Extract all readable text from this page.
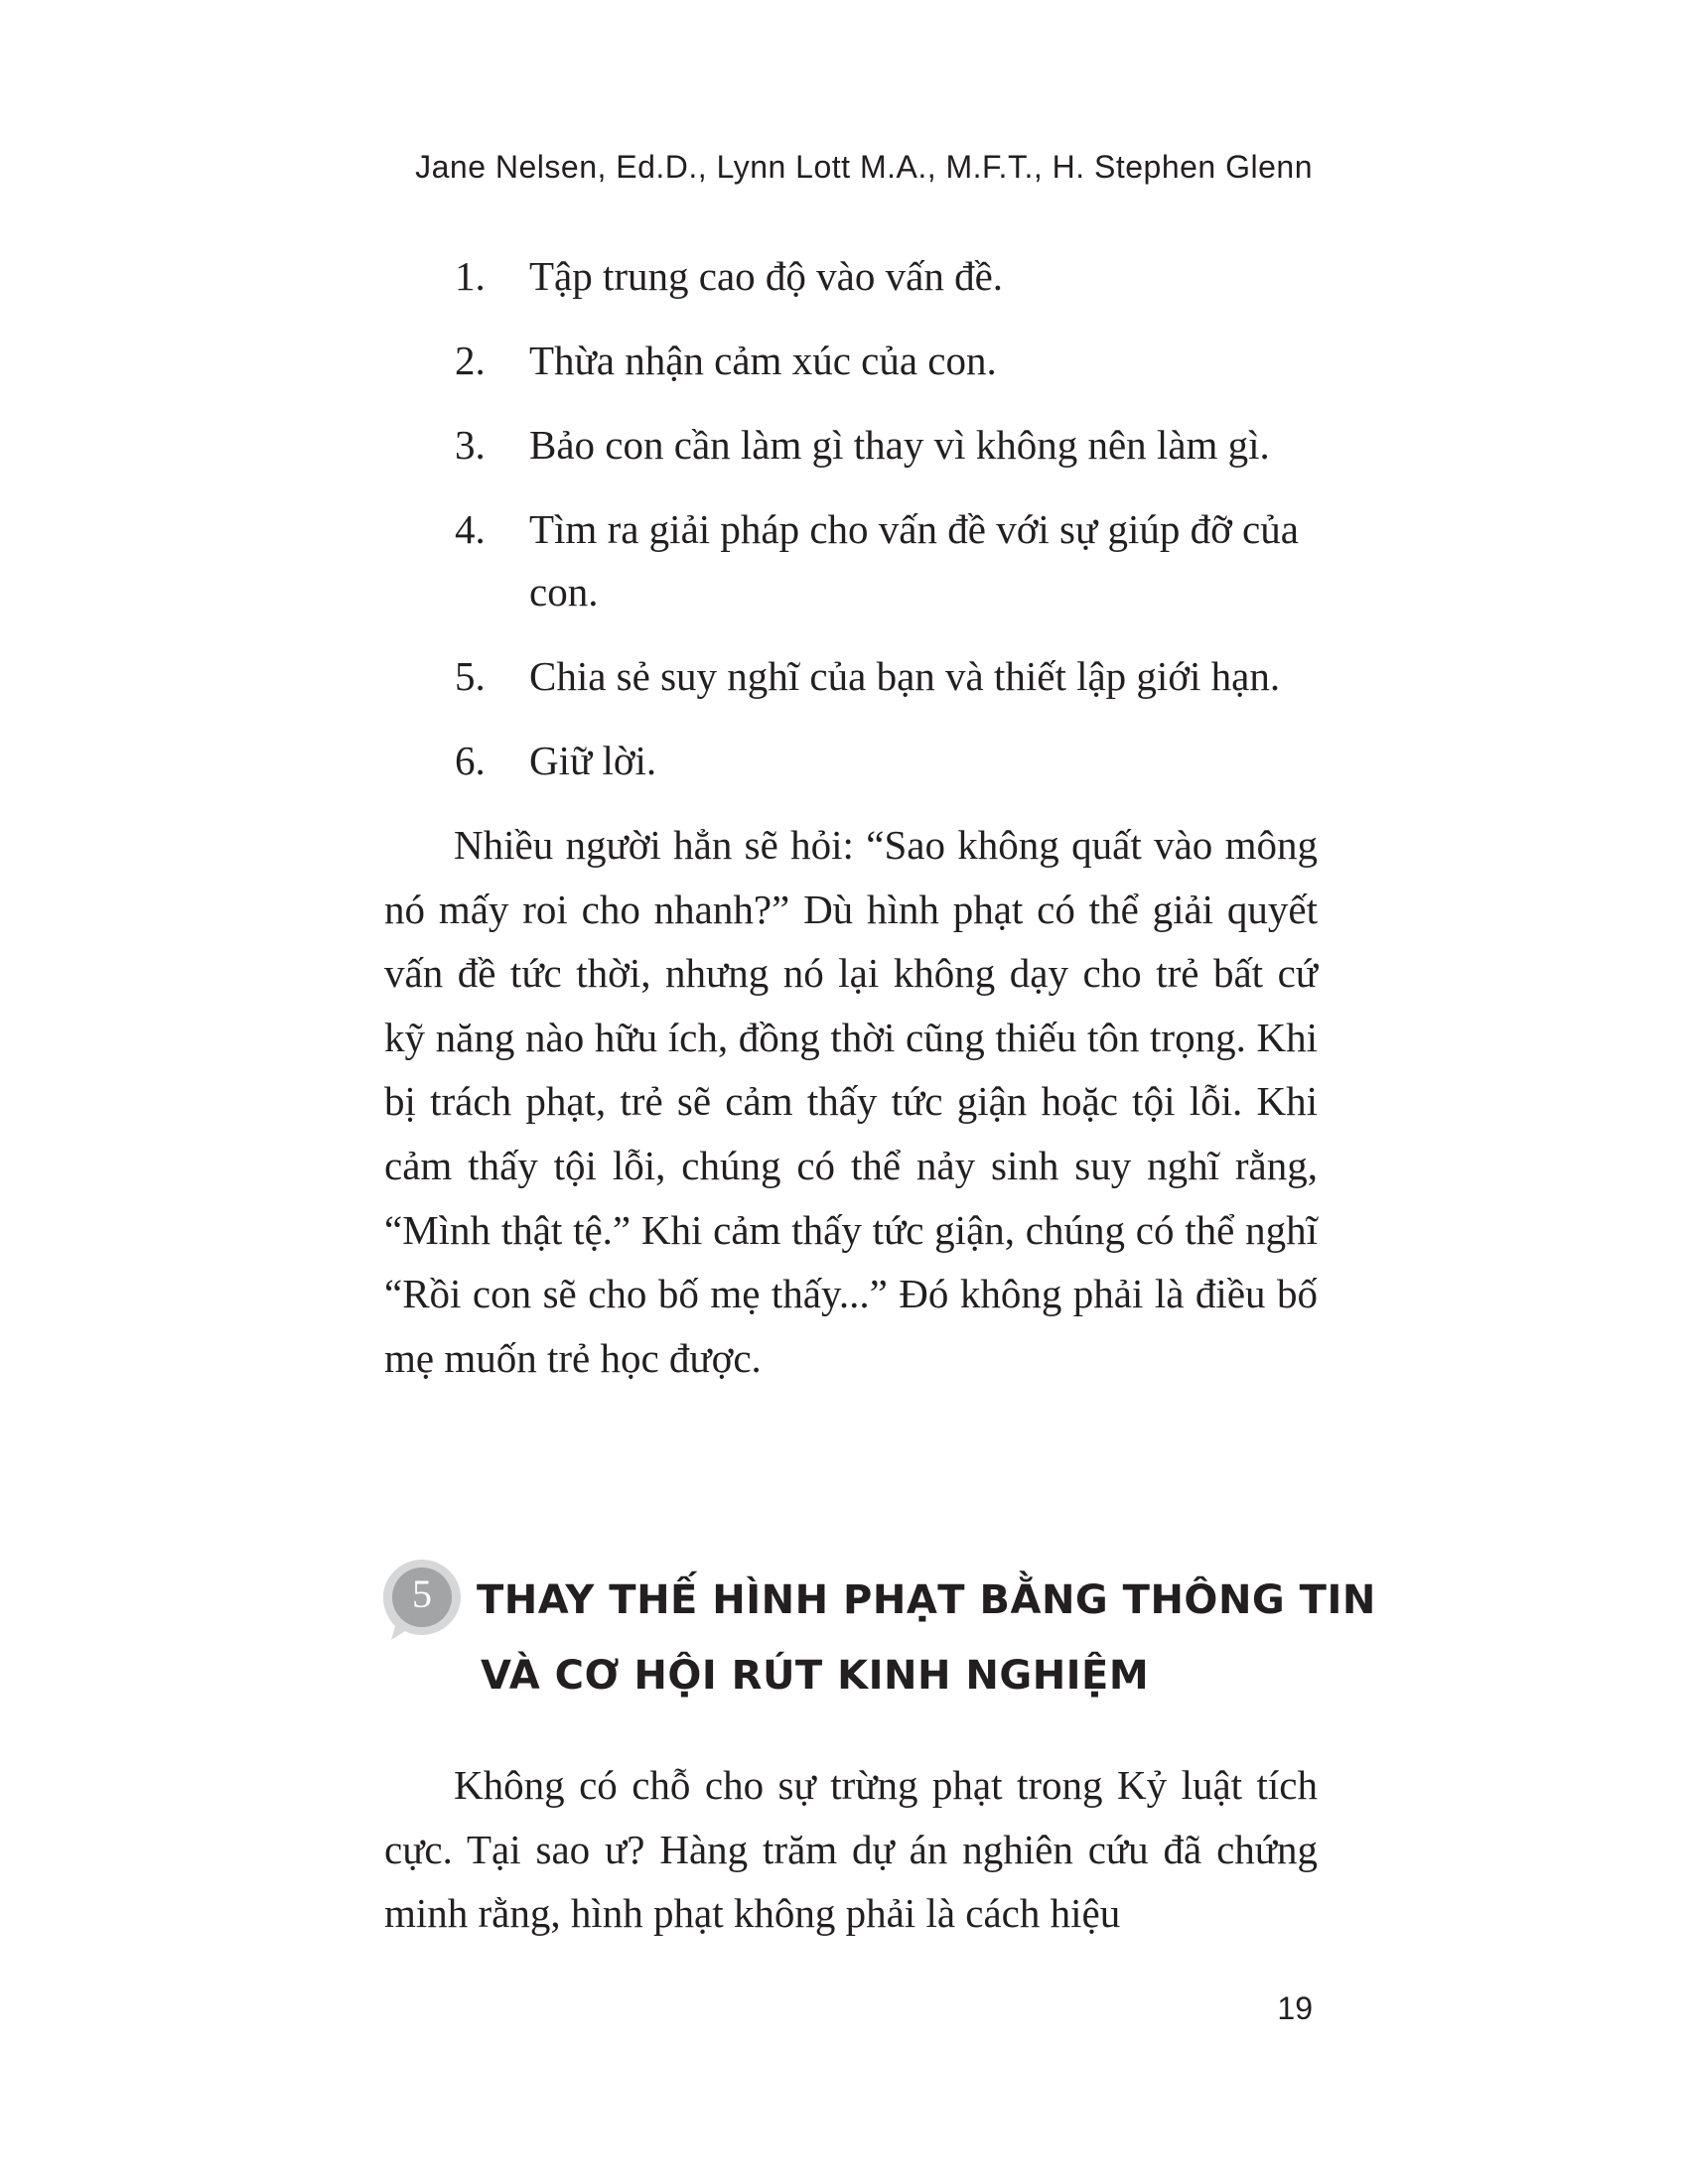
Jane Nelsen, Ed.D., Lynn Lott M.A., M.F.T., H. Stephen Glenn
1. Tập trung cao độ vào vấn đề.
2. Thừa nhận cảm xúc của con.
3. Bảo con cần làm gì thay vì không nên làm gì.
4. Tìm ra giải pháp cho vấn đề với sự giúp đỡ của con.
5. Chia sẻ suy nghĩ của bạn và thiết lập giới hạn.
6. Giữ lời.

Nhiều người hẳn sẽ hỏi: “Sao không quất vào mông nó mấy roi cho nhanh?” Dù hình phạt có thể giải quyết vấn đề tức thời, nhưng nó lại không dạy cho trẻ bất cứ kỹ năng nào hữu ích, đồng thời cũng thiếu tôn trọng. Khi bị trách phạt, trẻ sẽ cảm thấy tức giận hoặc tội lỗi. Khi cảm thấy tội lỗi, chúng có thể nảy sinh suy nghĩ rằng, “Mình thật tệ.” Khi cảm thấy tức giận, chúng có thể nghĩ “Rồi con sẽ cho bố mẹ thấy...” Đó không phải là điều bố mẹ muốn trẻ học được.

5	THAY THẾ HÌNH PHẠT BẰNG THÔNG TIN
VÀ CƠ HỘI RÚT KINH NGHIỆM

Không có chỗ cho sự trừng phạt trong Kỷ luật tích cực. Tại sao ư? Hàng trăm dự án nghiên cứu đã chứng minh rằng, hình phạt không phải là cách hiệu

19
